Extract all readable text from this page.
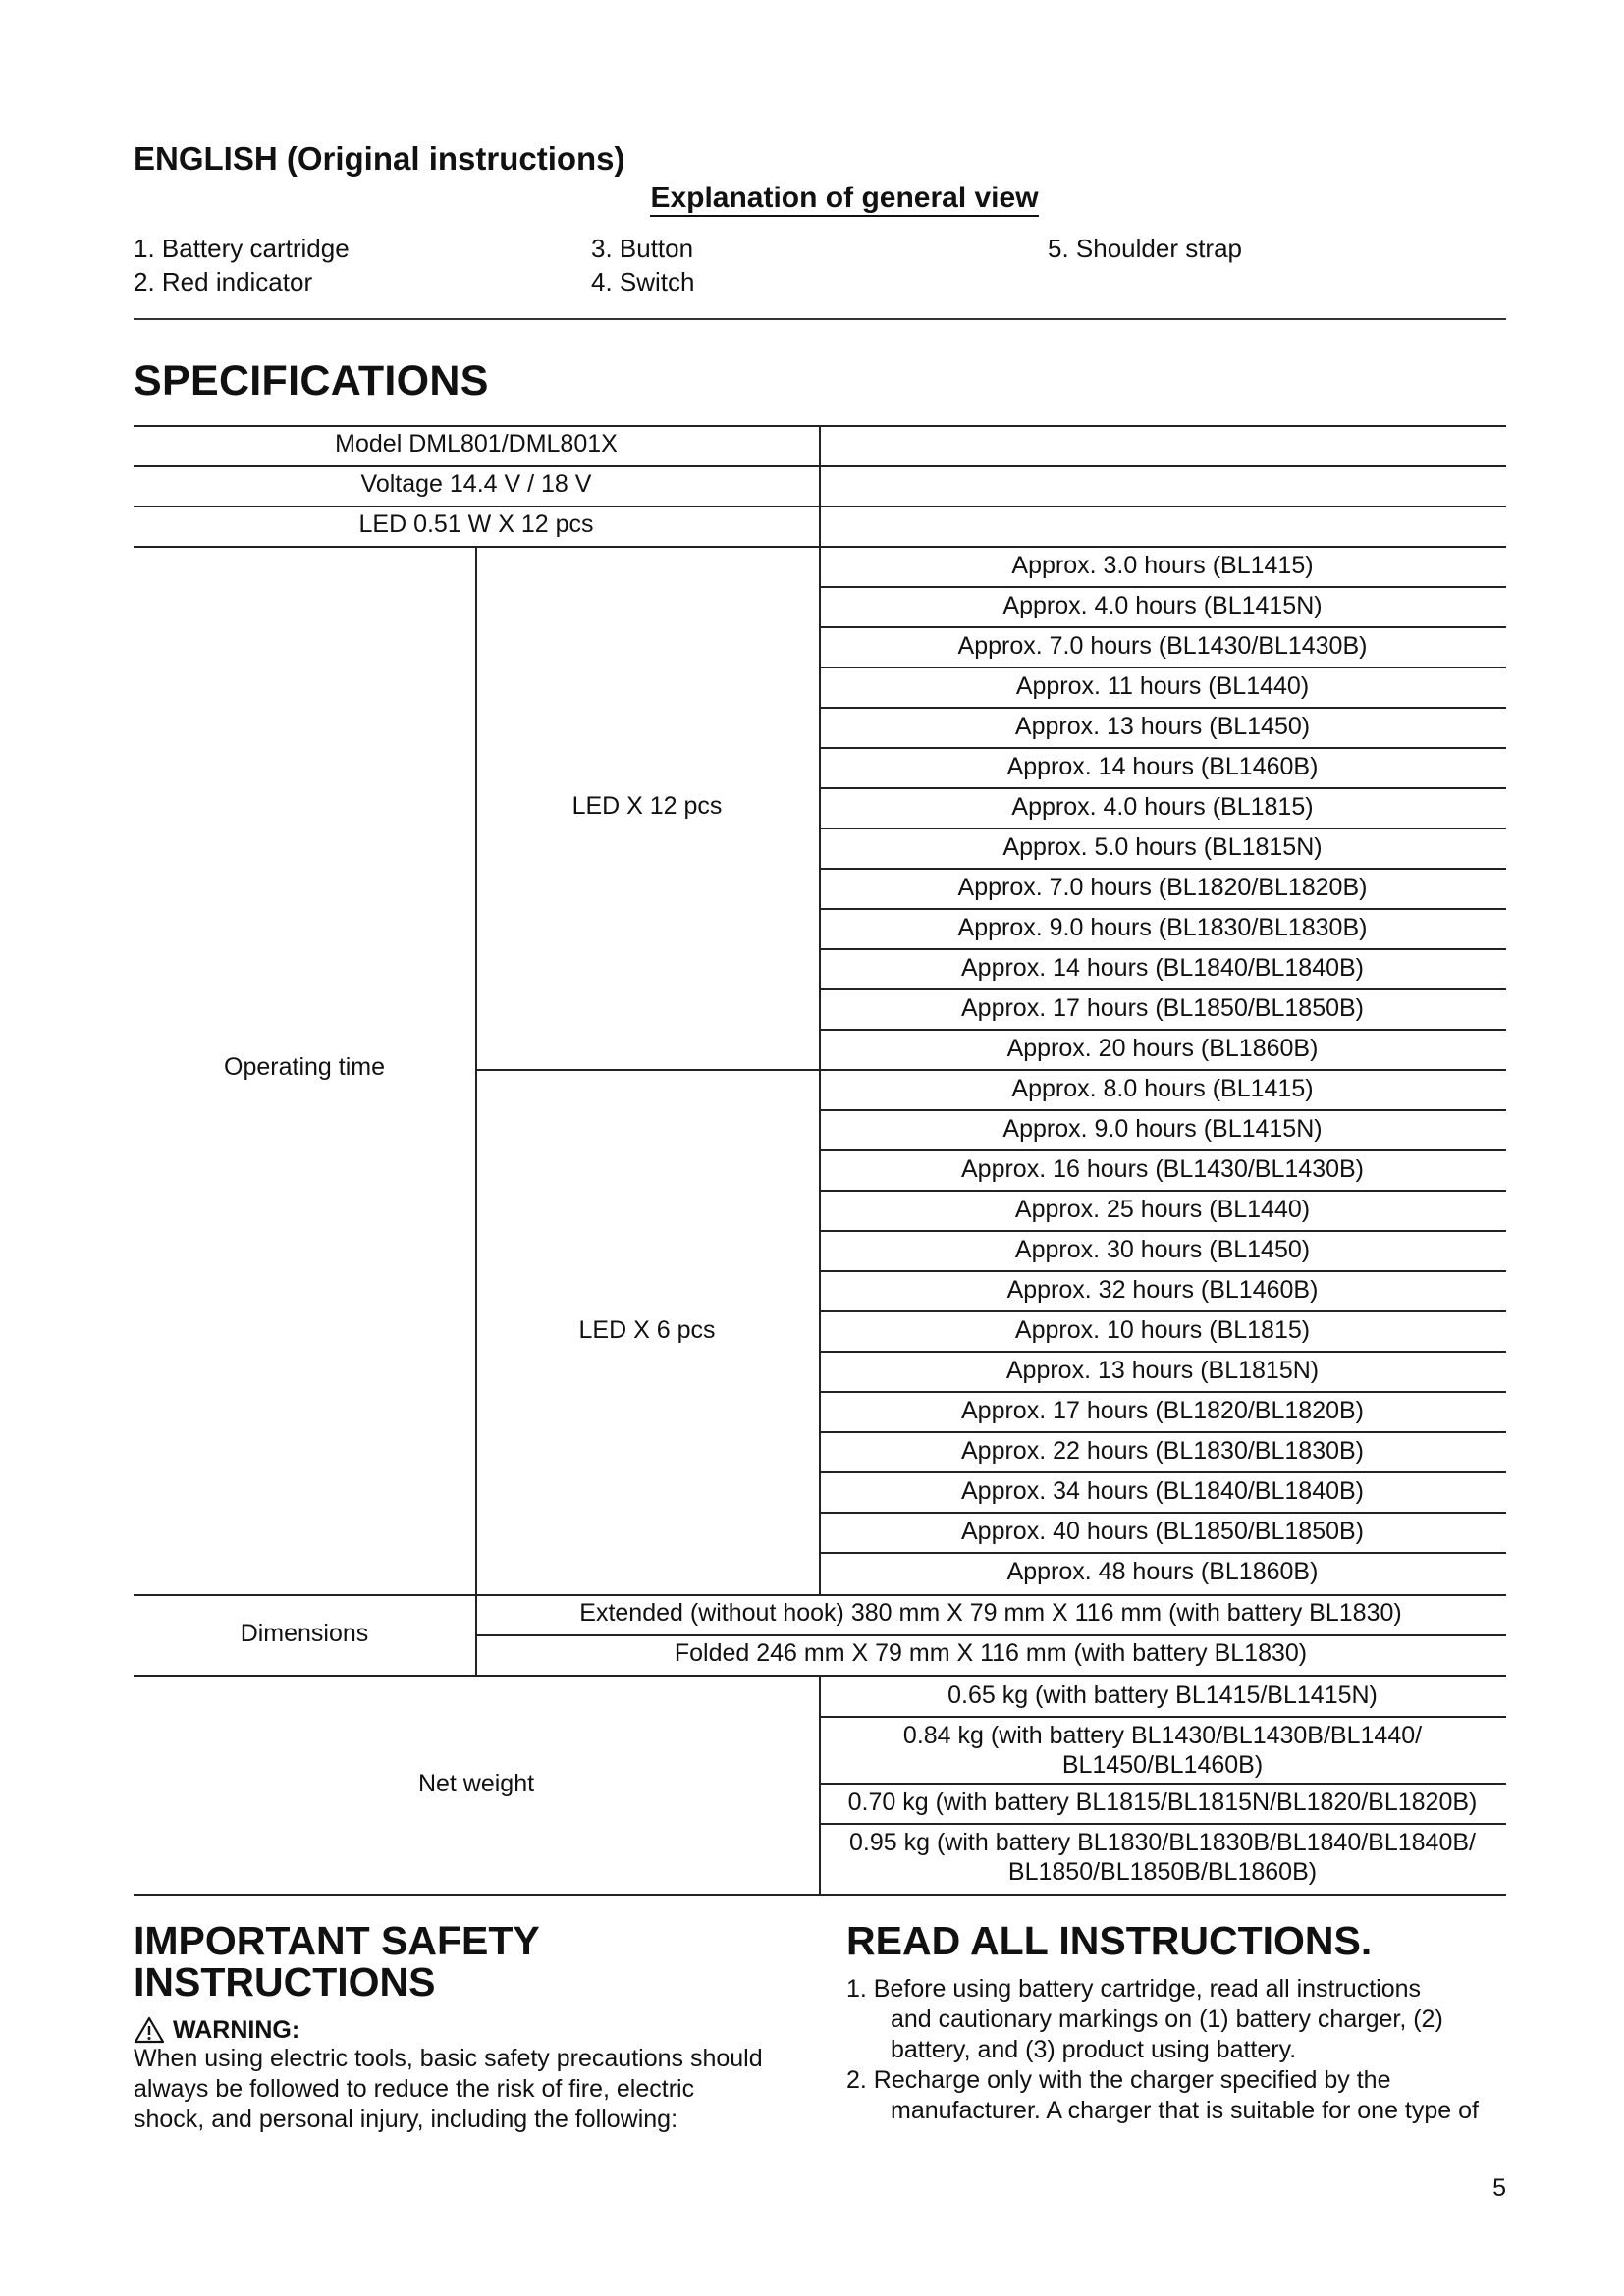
ENGLISH (Original instructions)
Explanation of general view
1. Battery cartridge
2. Red indicator
3. Button
4. Switch
5. Shoulder strap
SPECIFICATIONS
Model DML801/DML801X
Voltage 14.4 V / 18 V
LED 0.51 W X 12 pcs
Operating time
LED X 12 pcs
LED X 6 pcs
Dimensions
Extended (without hook) 380 mm X 79 mm X 116 mm (with battery BL1830)
Folded 246 mm X 79 mm X 116 mm (with battery BL1830)
Net weight
0.65 kg (with battery BL1415/BL1415N)
0.84 kg (with battery BL1430/BL1430B/BL1440/
BL1450/BL1460B)
0.70 kg (with battery BL1815/BL1815N/BL1820/BL1820B)
0.95 kg (with battery BL1830/BL1830B/BL1840/BL1840B/
BL1850/BL1850B/BL1860B)
Approx. 3.0 hours (BL1415)
Approx. 4.0 hours (BL1415N)
Approx. 7.0 hours (BL1430/BL1430B)
Approx. 11 hours (BL1440)
Approx. 13 hours (BL1450)
Approx. 14 hours (BL1460B)
Approx. 4.0 hours (BL1815)
Approx. 5.0 hours (BL1815N)
Approx. 7.0 hours (BL1820/BL1820B)
Approx. 9.0 hours (BL1830/BL1830B)
Approx. 14 hours (BL1840/BL1840B)
Approx. 17 hours (BL1850/BL1850B)
Approx. 20 hours (BL1860B)
Approx. 8.0 hours (BL1415)
Approx. 9.0 hours (BL1415N)
Approx. 16 hours (BL1430/BL1430B)
Approx. 25 hours (BL1440)
Approx. 30 hours (BL1450)
Approx. 32 hours (BL1460B)
Approx. 10 hours (BL1815)
Approx. 13 hours (BL1815N)
Approx. 17 hours (BL1820/BL1820B)
Approx. 22 hours (BL1830/BL1830B)
Approx. 34 hours (BL1840/BL1840B)
Approx. 40 hours (BL1850/BL1850B)
Approx. 48 hours (BL1860B)
IMPORTANT SAFETY
INSTRUCTIONS
WARNING:
When using electric tools, basic safety precautions should
always be followed to reduce the risk of fire, electric
shock, and personal injury, including the following:
READ ALL INSTRUCTIONS.
1. Before using battery cartridge, read all instructions
and cautionary markings on (1) battery charger, (2)
battery, and (3) product using battery.
2. Recharge only with the charger specified by the
manufacturer. A charger that is suitable for one type of
5
